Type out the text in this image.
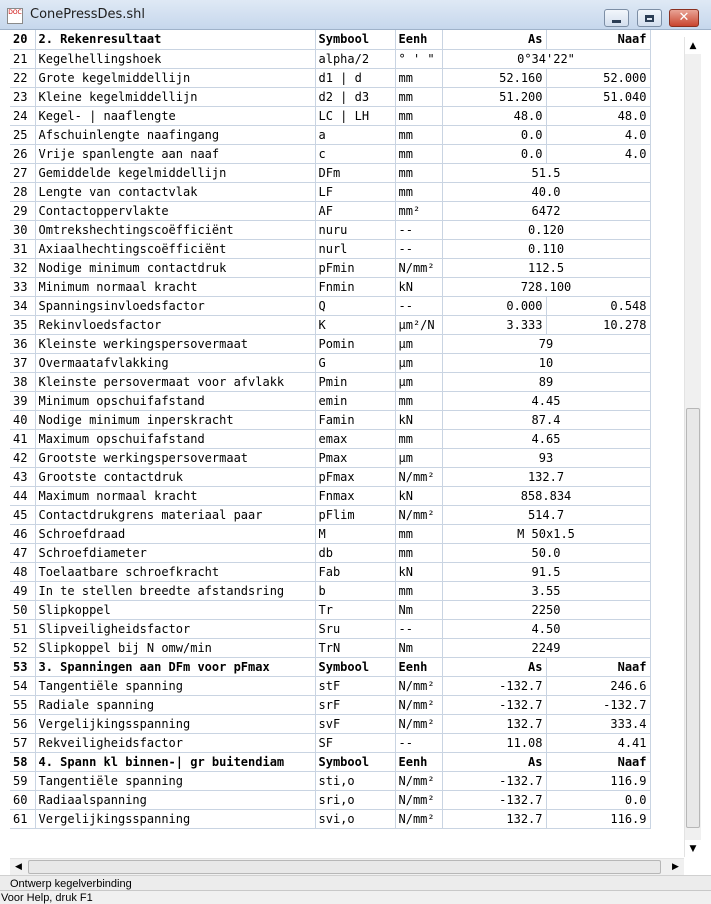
DOC ConePressDes.shl	✕
20	2. Rekenresultaat	Symbool	Eenh	As	Naaf
21	Kegelhellingshoek	alpha/2	° ' "	0°34'22"	
22	Grote kegelmiddellijn	d1 | d	mm	52.160	52.000
23	Kleine kegelmiddellijn	d2 | d3	mm	51.200	51.040
24	Kegel- | naaflengte	LC | LH	mm	48.0	48.0
25	Afschuinlengte naafingang	a	mm	0.0	4.0
26	Vrije spanlengte aan naaf	c	mm	0.0	4.0
27	Gemiddelde kegelmiddellijn	DFm	mm	51.5	
28	Lengte van contactvlak	LF	mm	40.0	
29	Contactoppervlakte	AF	mm²	6472	
30	Omtrekshechtingscoëfficiënt	nuru	--	0.120	
31	Axiaalhechtingscoëfficiënt	nurl	--	0.110	
32	Nodige minimum contactdruk	pFmin	N/mm²	112.5	
33	Minimum normaal kracht	Fnmin	kN	728.100	
34	Spanningsinvloedsfactor	Q	--	0.000	0.548
35	Rekinvloedsfactor	K	µm²/N	3.333	10.278
36	Kleinste werkingspersovermaat	Pomin	µm	79	
37	Overmaatafvlakking	G	µm	10	
38	Kleinste persovermaat voor afvlakk	Pmin	µm	89	
39	Minimum opschuifafstand	emin	mm	4.45	
40	Nodige minimum inperskracht	Famin	kN	87.4	
41	Maximum opschuifafstand	emax	mm	4.65	
42	Grootste werkingspersovermaat	Pmax	µm	93	
43	Grootste contactdruk	pFmax	N/mm²	132.7	
44	Maximum normaal kracht	Fnmax	kN	858.834	
45	Contactdrukgrens materiaal paar	pFlim	N/mm²	514.7	
46	Schroefdraad	M	mm	M 50x1.5	
47	Schroefdiameter	db	mm	50.0	
48	Toelaatbare schroefkracht	Fab	kN	91.5	
49	In te stellen breedte afstandsring	b	mm	3.55	
50	Slipkoppel	Tr	Nm	2250	
51	Slipveiligheidsfactor	Sru	--	4.50	
52	Slipkoppel bij N omw/min	TrN	Nm	2249	
53	3. Spanningen aan DFm voor pFmax	Symbool	Eenh	As	Naaf
54	Tangentiële spanning	stF	N/mm²	-132.7	246.6
55	Radiale spanning	srF	N/mm²	-132.7	-132.7
56	Vergelijkingsspanning	svF	N/mm²	132.7	333.4
57	Rekveiligheidsfactor	SF	--	11.08	4.41
58	4. Spann kl binnen-| gr buitendiam	Symbool	Eenh	As	Naaf
59	Tangentiële spanning	sti,o	N/mm²	-132.7	116.9
60	Radiaalspanning	sri,o	N/mm²	-132.7	0.0
61	Vergelijkingsspanning	svi,o	N/mm²	132.7	116.9
▲
▼
◀	▶
Ontwerp kegelverbinding
Voor Help, druk F1
